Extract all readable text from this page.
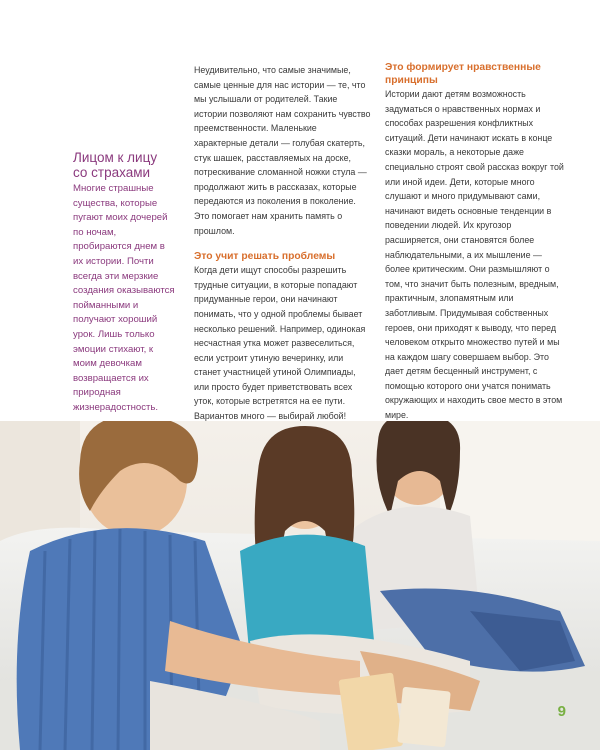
Лицом к лицу со страхами

Многие страшные существа, которые пугают моих дочерей по ночам, пробираются днем в их истории. Почти всегда эти мерзкие создания оказываются пойманными и получают хороший урок. Лишь только эмоции стихают, к моим девочкам возвращается их природная жизнерадостность.

Неудивительно, что самые значимые, самые ценные для нас истории — те, что мы услышали от родителей. Такие истории позволяют нам сохранить чувство преемственности. Маленькие характерные детали — голубая скатерть, стук шашек, расставляемых на доске, потрескивание сломанной ножки стула — продолжают жить в рассказах, которые передаются из поколения в поколение. Это помогает нам хранить память о прошлом.

Это учит решать проблемы

Когда дети ищут способы разрешить трудные ситуации, в которые попадают придуманные герои, они начинают понимать, что у одной проблемы бывает несколько решений. Например, одинокая несчастная утка может развеселиться, если устроит утиную вечеринку, или станет участницей утиной Олимпиады, или просто будет приветствовать всех уток, которые встретятся на ее пути. Вариантов много — выбирай любой!

Это формирует нравственные принципы

Истории дают детям возможность задуматься о нравственных нормах и способах разрешения конфликтных ситуаций. Дети начинают искать в конце сказки мораль, а некоторые даже специально строят свой рассказ вокруг той или иной идеи. Дети, которые много слушают и много придумывают сами, начинают видеть основные тенденции в поведении людей. Их кругозор расширяется, они становятся более наблюдательными, а их мышление — более критическим. Они размышляют о том, что значит быть полезным, вредным, практичным, злопамятным или заботливым. Придумывая собственных героев, они приходят к выводу, что перед человеком открыто множество путей и мы на каждом шагу совершаем выбор. Это дает детям бесценный инструмент, с помощью которого они учатся понимать окружающих и находить свое место в этом мире.

9
